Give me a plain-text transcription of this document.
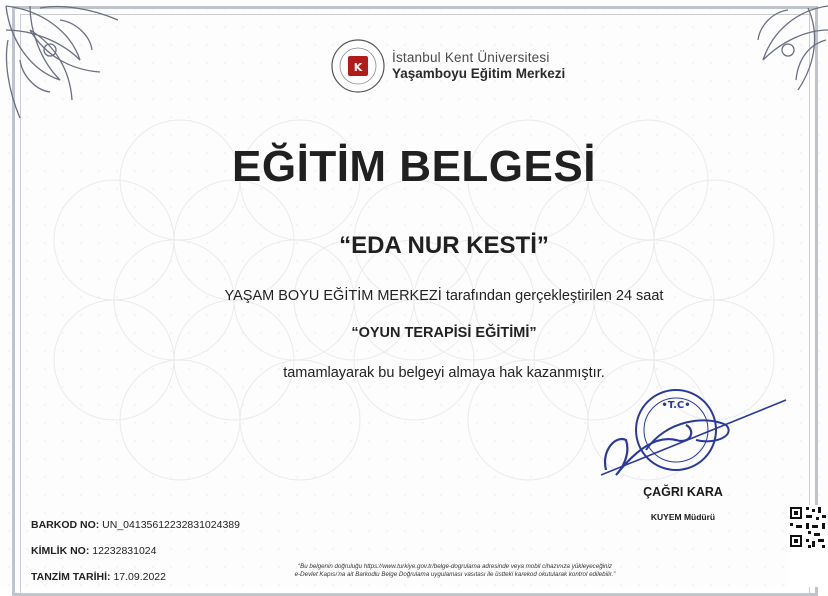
K
İstanbul Kent Üniversitesi
Yaşamboyu Eğitim Merkezi
EĞİTİM BELGESİ
“EDA NUR KESTİ”
YAŞAM BOYU EĞİTİM MERKEZİ tarafından gerçekleştirilen 24 saat
“OYUN TERAPİSİ EĞİTİMİ”
tamamlayarak bu belgeyi almaya hak kazanmıştır.
•T.C•
ÇAĞRI KARA
KUYEM Müdürü
BARKOD NO: UN_04135612232831024389
KİMLİK NO: 12232831024
TANZİM TARİHİ: 17.09.2022
“Bu belgenin doğruluğu https://www.turkiye.gov.tr/belge-dogrulama adresinde veya mobil cihazınıza yükleyeceğiniz
e-Devlet Kapısı’na ait Barkodlu Belge Doğrulama uygulaması vasıtası ile üstteki karekod okutularak kontrol edilebilir.”
